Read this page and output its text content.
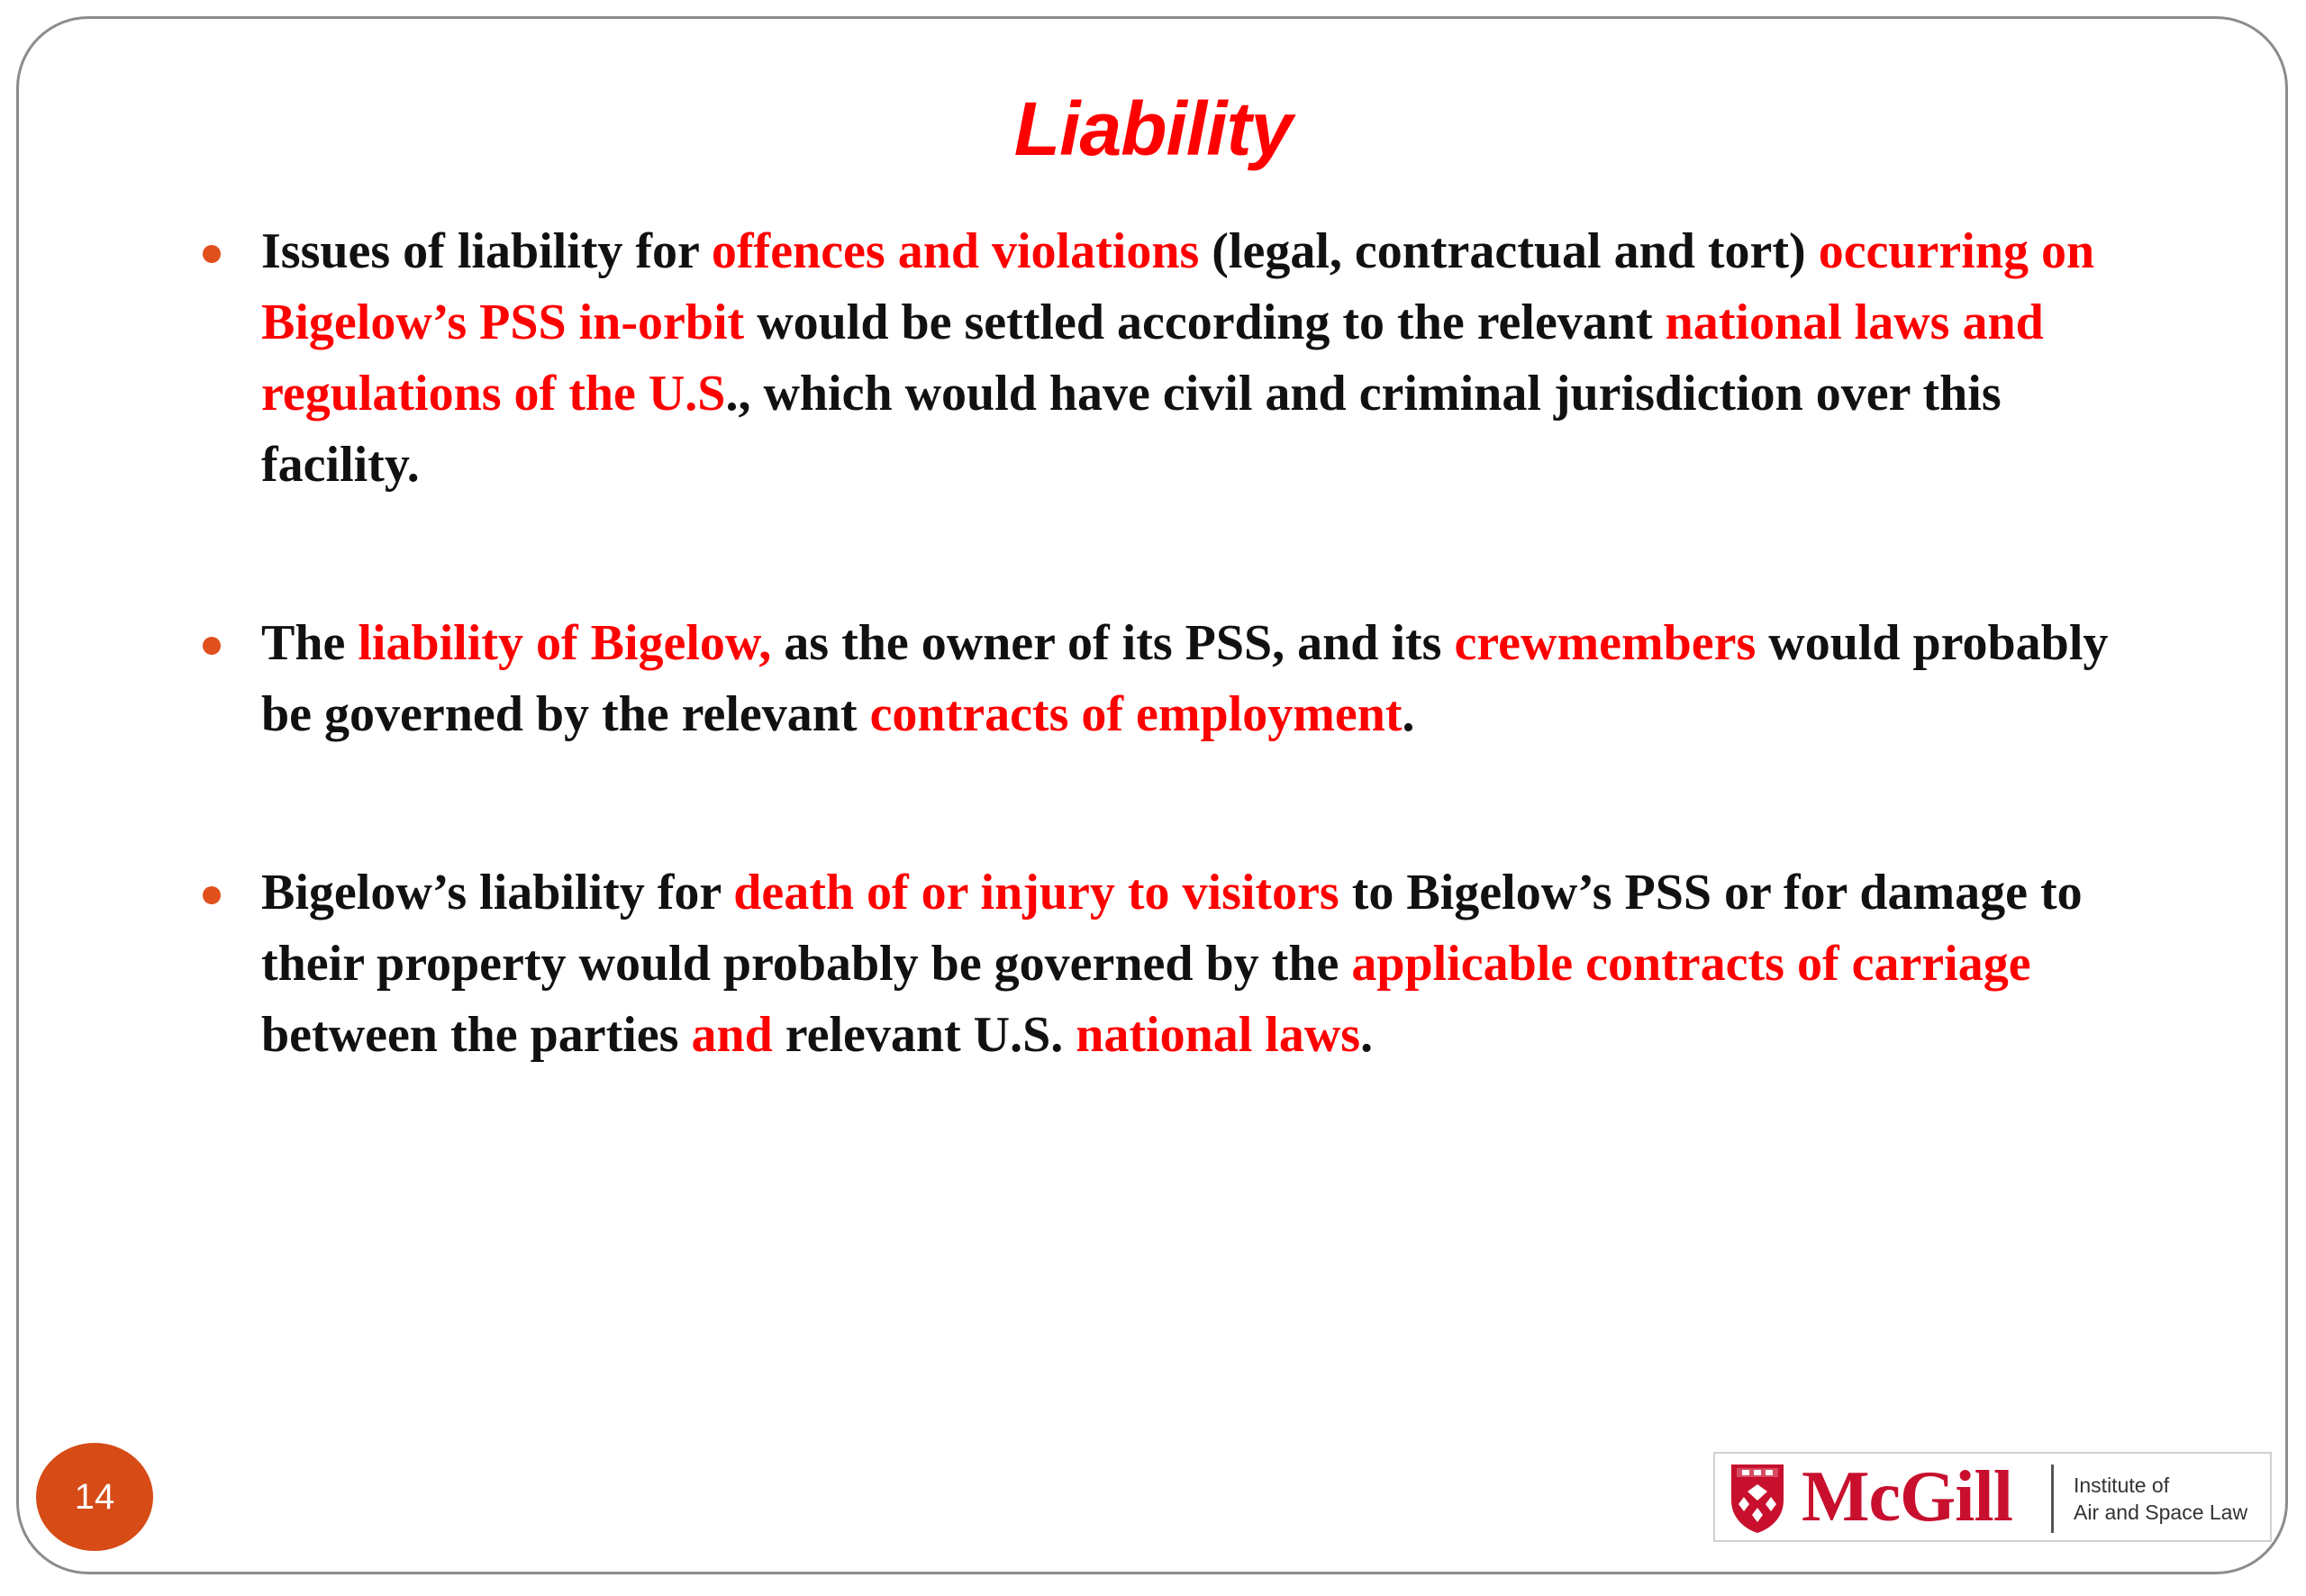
Liability
Issues of liability for offences and violations (legal, contractual and tort) occurring on Bigelow’s PSS in-orbit would be settled according to the relevant national laws and regulations of the U.S., which would have civil and criminal jurisdiction over this facility.
The liability of Bigelow, as the owner of its PSS, and its crewmembers would probably be governed by the relevant contracts of employment.
Bigelow’s liability for death of or injury to visitors to Bigelow’s PSS or for damage to their property would probably be governed by the applicable contracts of carriage between the parties and relevant U.S. national laws.
14	McGill	Institute of
Air and Space Law
